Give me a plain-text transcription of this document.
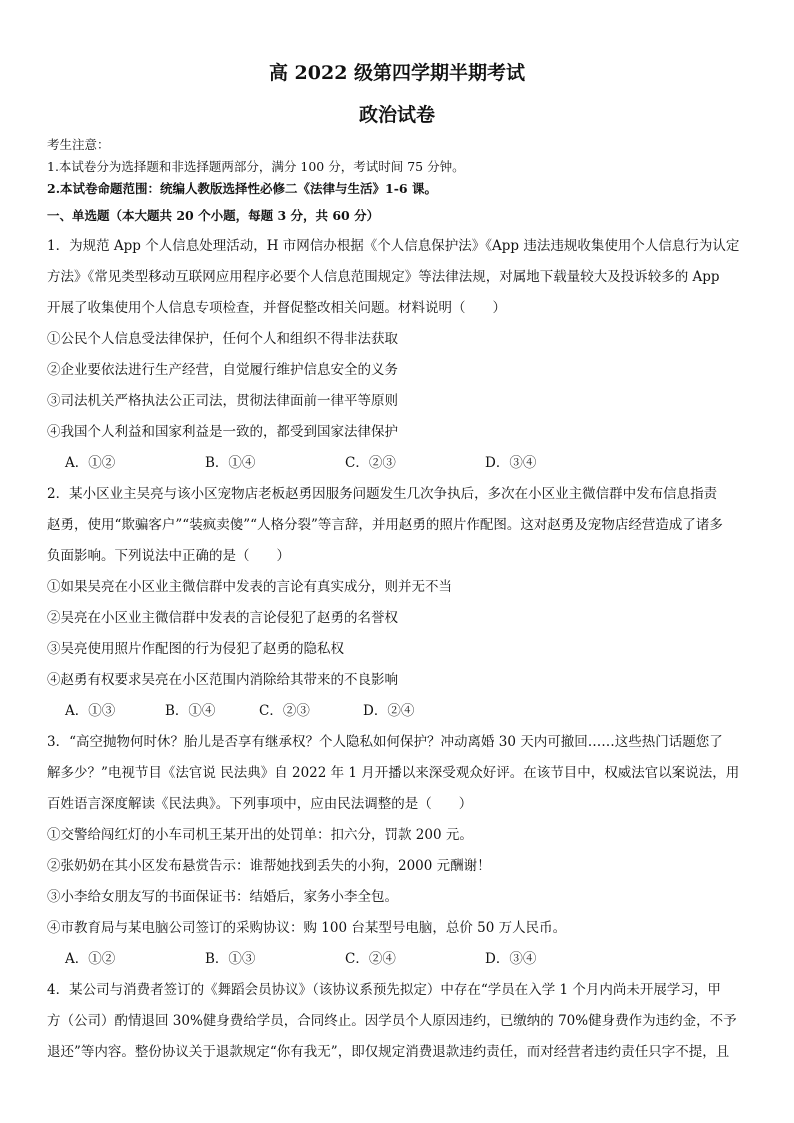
高 2022 级第四学期半期考试
政治试卷
考生注意：
1.本试卷分为选择题和非选择题两部分，满分 100 分，考试时间 75 分钟。
2.本试卷命题范围：统编人教版选择性必修二《法律与生活》1-6 课。
一、单选题（本大题共 20 个小题，每题 3 分，共 60 分）
1．为规范 App 个人信息处理活动，H 市网信办根据《个人信息保护法》《App 违法违规收集使用个人信息行为认定
方法》《常见类型移动互联网应用程序必要个人信息范围规定》等法律法规，对属地下载量较大及投诉较多的 App
开展了收集使用个人信息专项检查，并督促整改相关问题。材料说明（　　）
①公民个人信息受法律保护，任何个人和组织不得非法获取
②企业要依法进行生产经营，自觉履行维护信息安全的义务
③司法机关严格执法公正司法，贯彻法律面前一律平等原则
④我国个人利益和国家利益是一致的，都受到国家法律保护
A．①②	B．①④	C．②③	D．③④
2．某小区业主吴亮与该小区宠物店老板赵勇因服务问题发生几次争执后，多次在小区业主微信群中发布信息指责
赵勇，使用“欺骗客户”“装疯卖傻”“人格分裂”等言辞，并用赵勇的照片作配图。这对赵勇及宠物店经营造成了诸多
负面影响。下列说法中正确的是（　　）
①如果吴亮在小区业主微信群中发表的言论有真实成分，则并无不当
②吴亮在小区业主微信群中发表的言论侵犯了赵勇的名誉权
③吴亮使用照片作配图的行为侵犯了赵勇的隐私权
④赵勇有权要求吴亮在小区范围内消除给其带来的不良影响
A．①③	B．①④	C．②③	D．②④
3．“高空抛物何时休？胎儿是否享有继承权？个人隐私如何保护？冲动离婚 30 天内可撤回……这些热门话题您了
解多少？”电视节目《法官说 民法典》自 2022 年 1 月开播以来深受观众好评。在该节目中，权威法官以案说法，用
百姓语言深度解读《民法典》。下列事项中，应由民法调整的是（　　）
①交警给闯红灯的小车司机王某开出的处罚单：扣六分，罚款 200 元。
②张奶奶在其小区发布悬赏告示：谁帮她找到丢失的小狗，2000 元酬谢！
③小李给女朋友写的书面保证书：结婚后，家务小李全包。
④市教育局与某电脑公司签订的采购协议：购 100 台某型号电脑，总价 50 万人民币。
A．①②	B．①③	C．②④	D．③④
4．某公司与消费者签订的《舞蹈会员协议》（该协议系预先拟定）中存在“学员在入学 1 个月内尚未开展学习，甲
方（公司）酌情退回 30%健身费给学员，合同终止。因学员个人原因违约，已缴纳的 70%健身费作为违约金，不予
退还”等内容。整份协议关于退款规定“你有我无”，即仅规定消费退款违约责任，而对经营者违约责任只字不提，且
